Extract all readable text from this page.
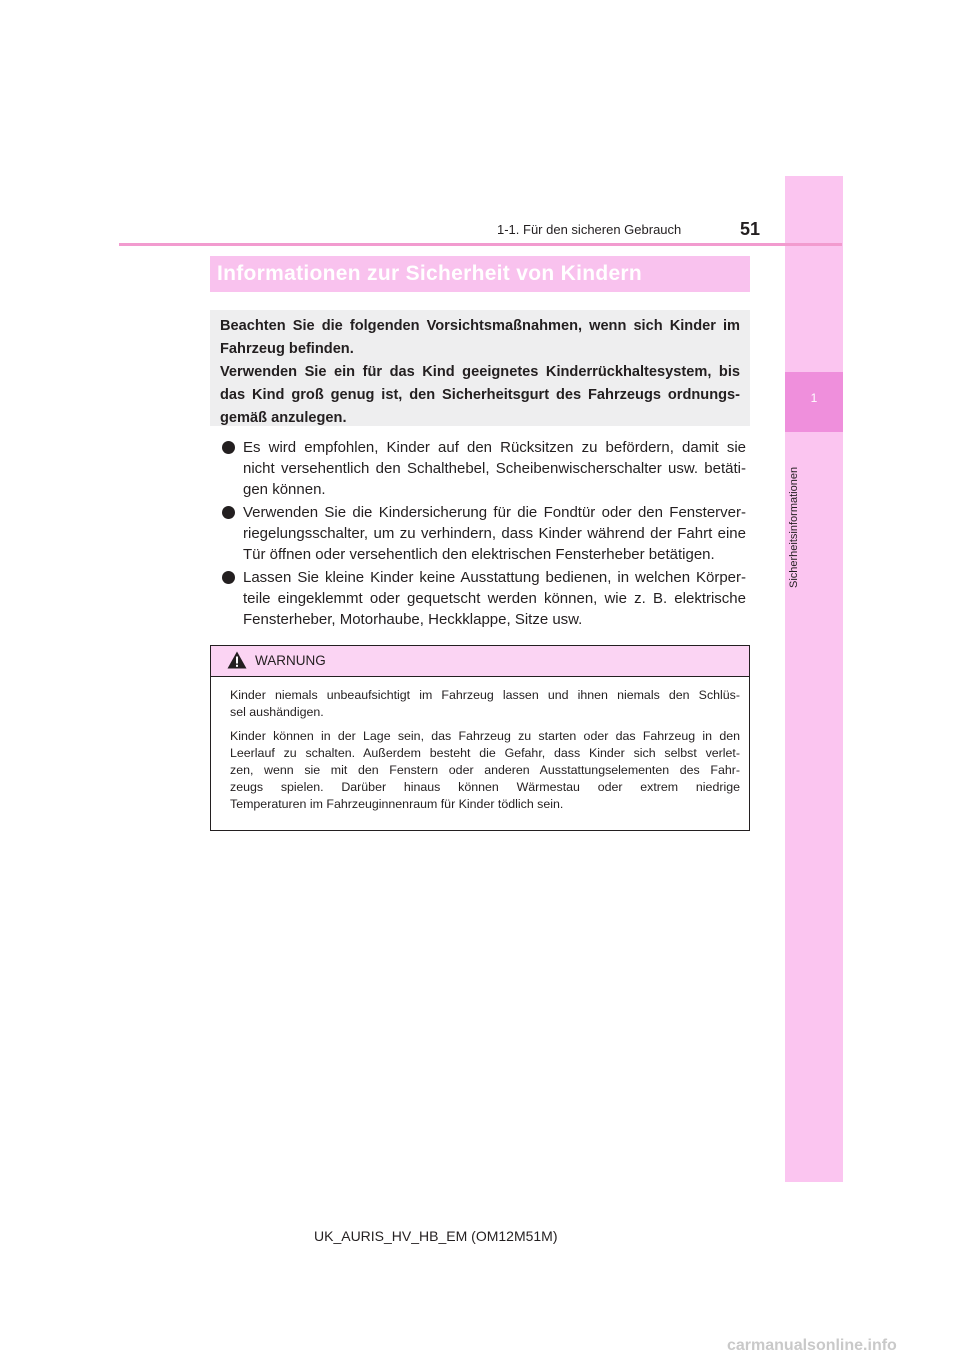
1
Sicherheitsinformationen
51
1-1. Für den sicheren Gebrauch
Informationen zur Sicherheit von Kindern
Beachten Sie die folgenden Vorsichtsmaßnahmen, wenn sich Kinder im
Fahrzeug befinden.
Verwenden Sie ein für das Kind geeignetes Kinderrückhaltesystem, bis
das Kind groß genug ist, den Sicherheitsgurt des Fahrzeugs ordnungs-
gemäß anzulegen.
Es wird empfohlen, Kinder auf den Rücksitzen zu befördern, damit sie
nicht versehentlich den Schalthebel, Scheibenwischerschalter usw. betäti-
gen können.
Verwenden Sie die Kindersicherung für die Fondtür oder den Fensterver-
riegelungsschalter, um zu verhindern, dass Kinder während der Fahrt eine
Tür öffnen oder versehentlich den elektrischen Fensterheber betätigen.
Lassen Sie kleine Kinder keine Ausstattung bedienen, in welchen Körper-
teile eingeklemmt oder gequetscht werden können, wie z. B. elektrische
Fensterheber, Motorhaube, Heckklappe, Sitze usw.
WARNUNG
Kinder niemals unbeaufsichtigt im Fahrzeug lassen und ihnen niemals den Schlüs-
sel aushändigen.
Kinder können in der Lage sein, das Fahrzeug zu starten oder das Fahrzeug in den
Leerlauf zu schalten. Außerdem besteht die Gefahr, dass Kinder sich selbst verlet-
zen, wenn sie mit den Fenstern oder anderen Ausstattungselementen des Fahr-
zeugs spielen. Darüber hinaus können Wärmestau oder extrem niedrige
Temperaturen im Fahrzeuginnenraum für Kinder tödlich sein.
UK_AURIS_HV_HB_EM (OM12M51M)
carmanualsonline.info
